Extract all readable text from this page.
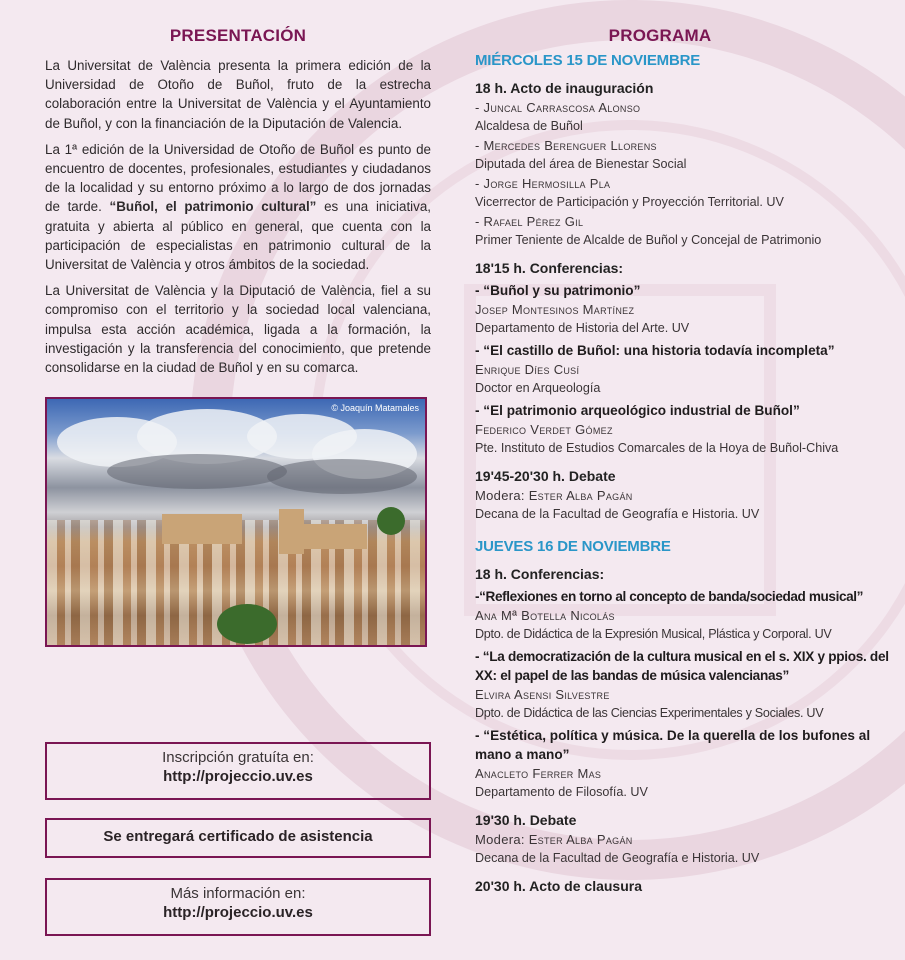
PRESENTACIÓN

La Universitat de València presenta la primera edición de la Universidad de Otoño de Buñol, fruto de la estrecha colaboración entre la Universitat de València y el Ayuntamiento de Buñol, y con la financiación de la Diputación de Valencia.

La 1ª edición de la Universidad de Otoño de Buñol es punto de encuentro de docentes, profesionales, estudiantes y ciudadanos de la localidad y su entorno próximo a lo largo de dos jornadas de tarde. “Buñol, el patrimonio cultural” es una iniciativa, gratuita y abierta al público en general, que cuenta con la participación de especialistas en patrimonio cultural de la Universitat de València y otros ámbitos de la sociedad.

La Universitat de València y la Diputació de València, fiel a su compromiso con el territorio y la sociedad local valenciana, impulsa esta acción académica, ligada a la formación, la investigación y la transferencia del conocimiento, que pretende consolidarse en la ciudad de Buñol y en su comarca.

© Joaquín Matamales
Inscripción gratuíta en:
http://projeccio.uv.es
Se entregará certificado de asistencia
Más información en:
http://projeccio.uv.es
PROGRAMA
MIÉRCOLES 15 DE NOVIEMBRE
18 h. Acto de inauguración
- Juncal Carrascosa Alonso
Alcaldesa de Buñol
- Mercedes Berenguer Llorens
Diputada del área de Bienestar Social
- Jorge Hermosilla Pla
Vicerrector de Participación y Proyección Territorial. UV
- Rafael Pérez Gil
Primer Teniente de Alcalde de Buñol y Concejal de Patrimonio
18'15 h. Conferencias:
- “Buñol y su patrimonio”
Josep Montesinos Martínez
Departamento de Historia del Arte. UV
- “El castillo de Buñol: una historia todavía incompleta”
Enrique Díes Cusí
Doctor en Arqueología
- “El patrimonio arqueológico industrial de Buñol”
Federico Verdet Gómez
Pte. Instituto de Estudios Comarcales de la Hoya de Buñol-Chiva
19'45-20'30 h. Debate
Modera: Ester Alba Pagán
Decana de la Facultad de Geografía e Historia. UV
JUEVES 16 DE NOVIEMBRE
18 h. Conferencias:
-“Reflexiones en torno al concepto de banda/sociedad musical”
Ana Mª Botella Nicolás
Dpto. de Didáctica de la Expresión Musical, Plástica y Corporal. UV
- “La democratización de la cultura musical en el s. XIX y ppios. del XX: el papel de las bandas de música valencianas”
Elvira Asensi Silvestre
Dpto. de Didáctica de las Ciencias Experimentales y Sociales. UV
- “Estética, política y música. De la querella de los bufones al mano a mano”
Anacleto Ferrer Mas
Departamento de Filosofía. UV
19'30 h. Debate
Modera: Ester Alba Pagán
Decana de la Facultad de Geografía e Historia. UV
20'30 h. Acto de clausura
